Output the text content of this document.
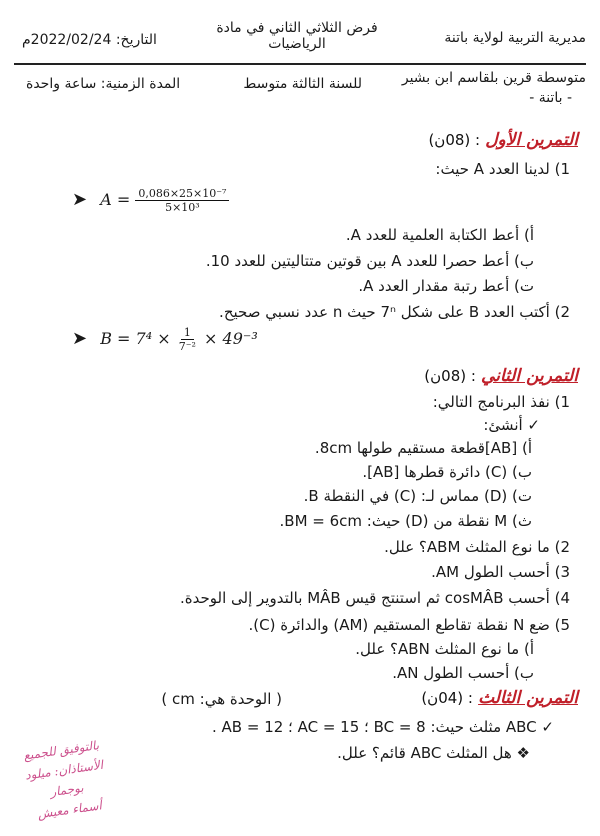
مديرية التربية لولاية باتنة
فرض الثلاثي الثاني في مادة
الرياضيات
التاريخ: 2022/02/24م
متوسطة قرين بلقاسم ابن بشير
- باتنة -
للسنة الثالثة متوسط
المدة الزمنية: ساعة واحدة
التمرين الأول : (08ن)
1) لدينا العدد A حيث:
➤ $A = \frac{\text{0,086×25×10⁻⁷}}{\text{5×10³}}$
أ) أعط الكتابة العلمية للعدد A.
ب) أعط حصرا للعدد A بين قوتين متتاليتين للعدد 10.
ت) أعط رتبة مقدار العدد A.
2) أكتب العدد B على شكل 7ⁿ حيث n عدد نسبي صحيح.
➤ $B = 7^4 \times \frac{1}{\text{7⁻²}} \times 49^{-3}$
التمرين الثاني : (08ن)
1) نفذ البرنامج التالي:
✓ أنشئ:
أ) [AB]قطعة مستقيم طولها 8cm.
ب) (C) دائرة قطرها [AB].
ت) (D) مماس لـ: (C) في النقطة B.
ث) M نقطة من (D) حيث: BM = 6cm.
2) ما نوع المثلث ABM؟ علل.
3) أحسب الطول AM.
4) أحسب cosMÂB ثم استنتج قيس MÂB بالتدوير إلى الوحدة.
5) ضع N نقطة تقاطع المستقيم (AM) والدائرة (C).
أ) ما نوع المثلث ABN؟ علل.
ب) أحسب الطول AN.
التمرين الثالث : (04ن)
( الوحدة هي: cm )
✓ ABC مثلث حيث: BC = 8 ؛ AC = 15 ؛ AB = 12 .
❖ هل المثلث ABC قائم؟ علل.
بالتوفيق للجميع
الأستاذان: ميلود
بوجمار
أسماء معيش
